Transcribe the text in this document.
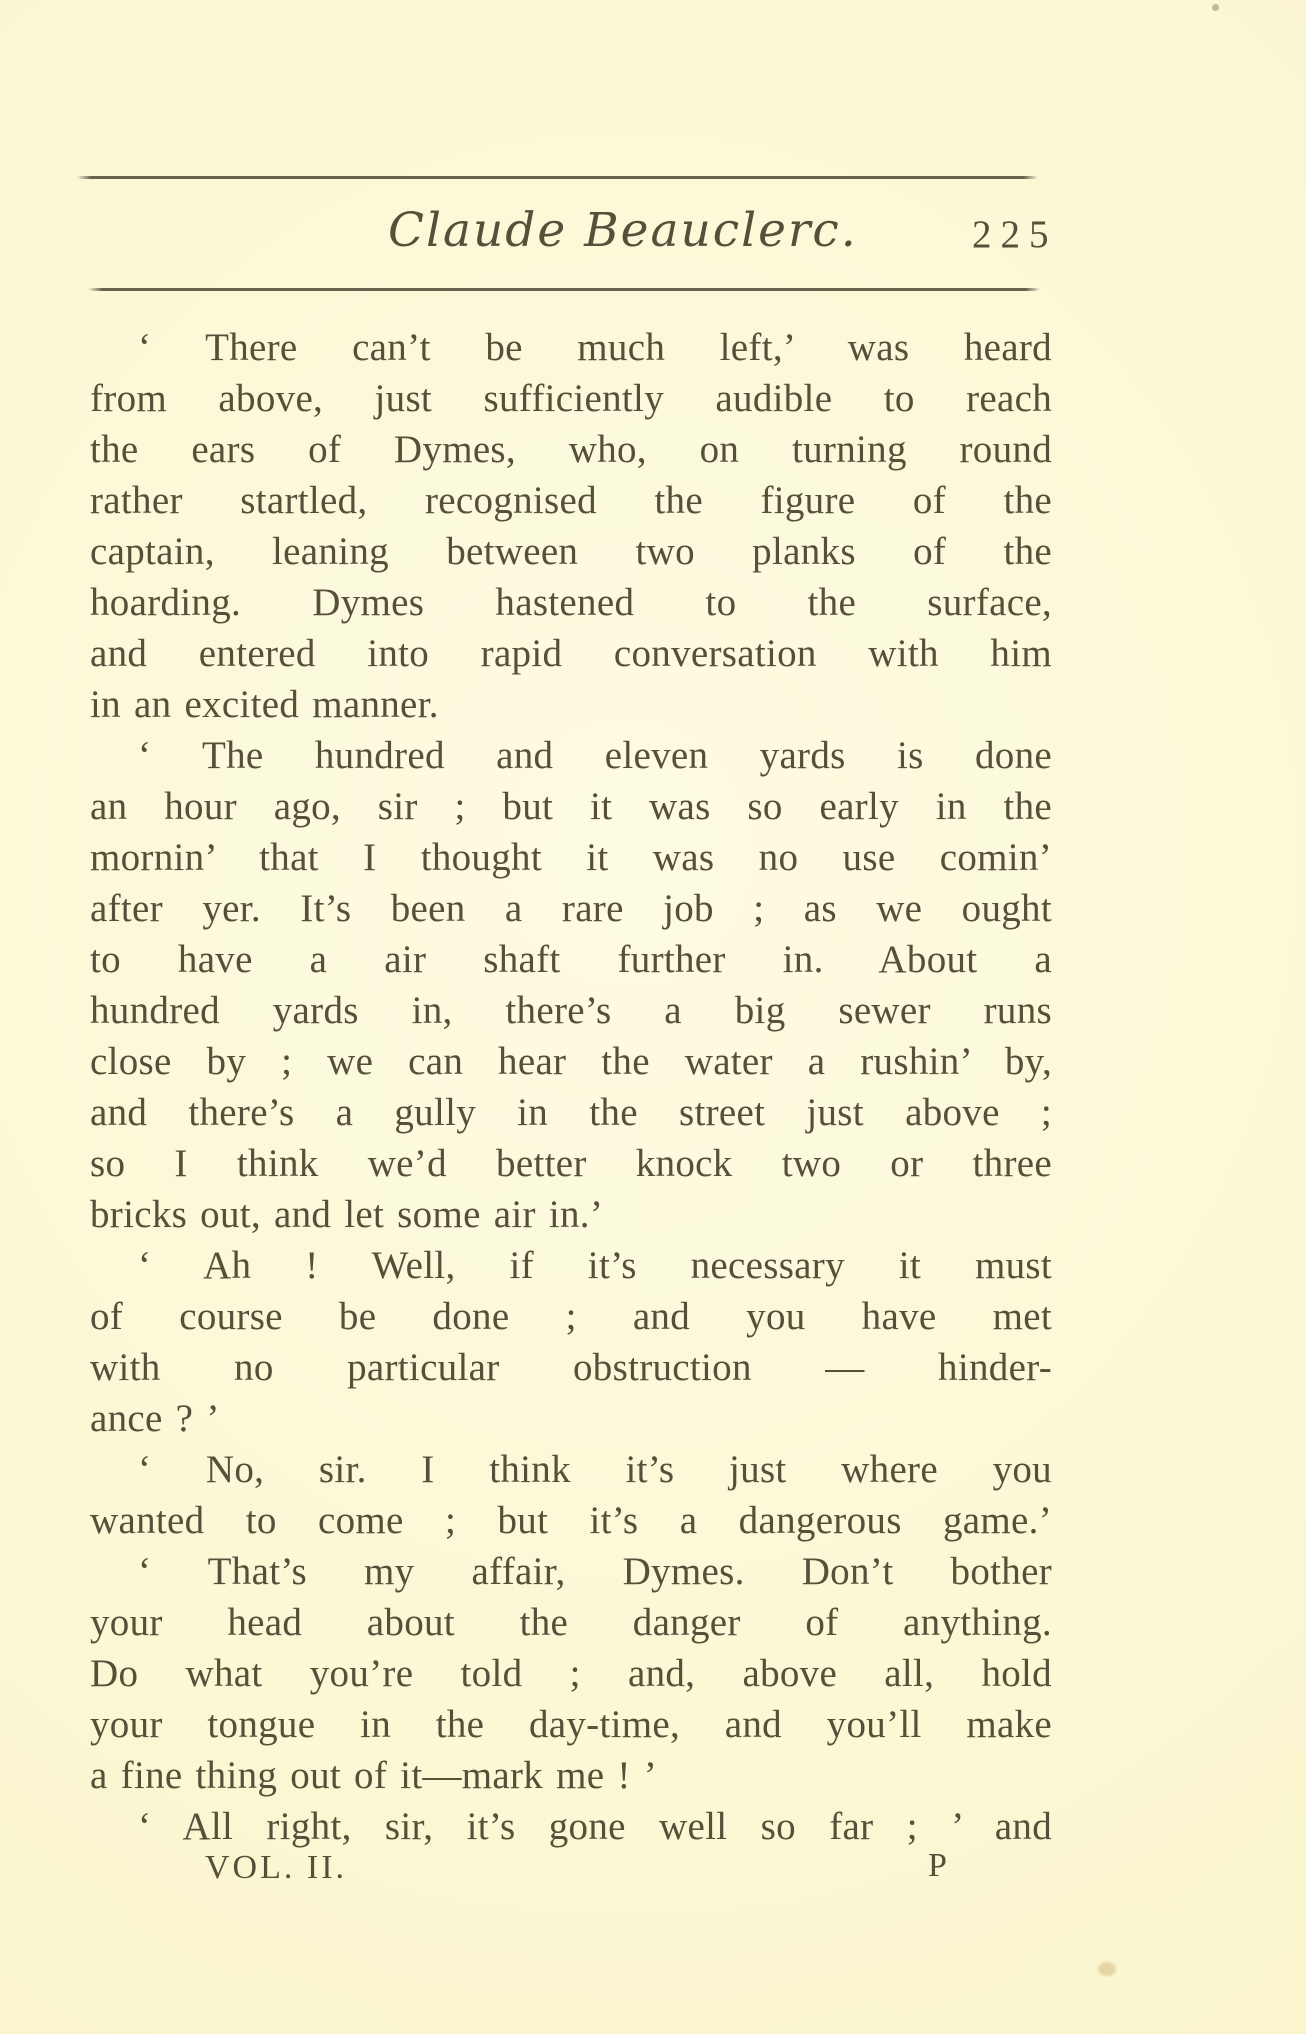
Claude Beauclerc.	225
‘ There can’t be much left,’ was heard
from above, just sufficiently audible to reach
the ears of Dymes, who, on turning round
rather startled, recognised the figure of the
captain, leaning between two planks of the
hoarding. Dymes hastened to the surface,
and entered into rapid conversation with him
in an excited manner.
‘ The hundred and eleven yards is done
an hour ago, sir ; but it was so early in the
mornin’ that I thought it was no use comin’
after yer. It’s been a rare job ; as we ought
to have a air shaft further in. About a
hundred yards in, there’s a big sewer runs
close by ; we can hear the water a rushin’ by,
and there’s a gully in the street just above ;
so I think we’d better knock two or three
bricks out, and let some air in.’
‘ Ah ! Well, if it’s necessary it must
of course be done ; and you have met
with no particular obstruction — hinder-
ance ? ’
‘ No, sir. I think it’s just where you
wanted to come ; but it’s a dangerous game.’
‘ That’s my affair, Dymes. Don’t bother
your head about the danger of anything.
Do what you’re told ; and, above all, hold
your tongue in the day-time, and you’ll make
a fine thing out of it—mark me ! ’
‘ All right, sir, it’s gone well so far ; ’ and
VOL. II.	P
